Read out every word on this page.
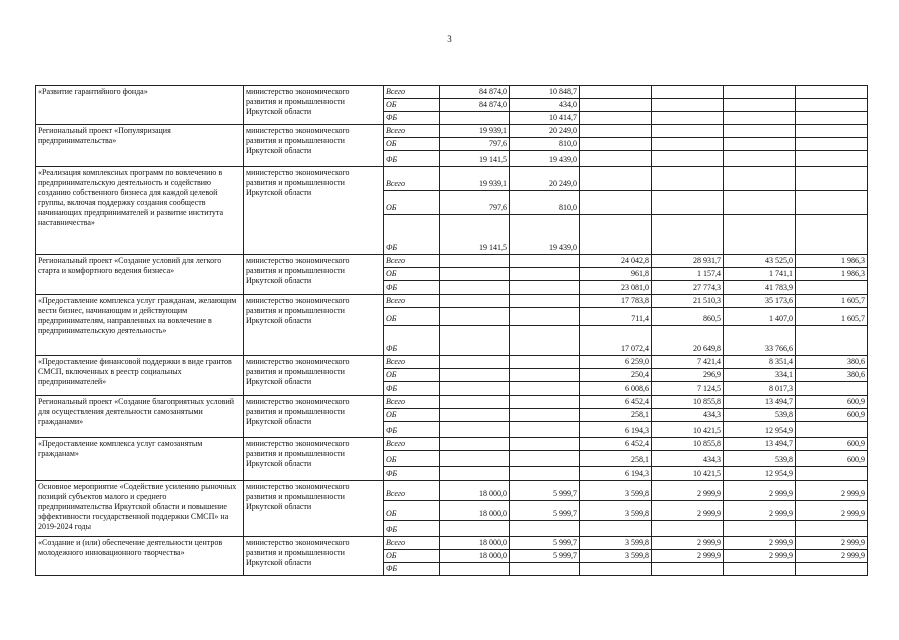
3
«Развитие гарантийного фонда»	министерство экономического развития и промышленности Иркутской области	Всего	84 874,0	10 848,7				
		ОБ	84 874,0	434,0				
		ФБ		10 414,7				
Региональный проект «Популяризация предпринимательства»	министерство экономического развития и промышленности Иркутской области	Всего	19 939,1	20 249,0				
		ОБ	797,6	810,0				
		ФБ	19 141,5	19 439,0				
«Реализация комплексных программ по вовлечению в предпринимательскую деятельность и содействию созданию собственного бизнеса для каждой целевой группы, включая поддержку создания сообществ начинающих предпринимателей и развитие института наставничества»	министерство экономического развития и промышленности Иркутской области	Всего	19 939,1	20 249,0				
		ОБ	797,6	810,0				
		ФБ	19 141,5	19 439,0				
Региональный проект «Создание условий для легкого старта и комфортного ведения бизнеса»	министерство экономического развития и промышленности Иркутской области	Всего			24 042,8	28 931,7	43 525,0	1 986,3
		ОБ			961,8	1 157,4	1 741,1	1 986,3
		ФБ			23 081,0	27 774,3	41 783,9	
«Предоставление комплекса услуг гражданам, желающим вести бизнес, начинающим и действующим предпринимателям, направленных на вовлечение в предпринимательскую деятельность»	министерство экономического развития и промышленности Иркутской области	Всего			17 783,8	21 510,3	35 173,6	1 605,7
		ОБ			711,4	860,5	1 407,0	1 605,7
		ФБ			17 072,4	20 649,8	33 766,6	
«Предоставление финансовой поддержки в виде грантов СМСП, включенных в реестр социальных предпринимателей»	министерство экономического развития и промышленности Иркутской области	Всего			6 259,0	7 421,4	8 351,4	380,6
		ОБ			250,4	296,9	334,1	380,6
		ФБ			6 008,6	7 124,5	8 017,3	
Региональный проект «Создание благоприятных условий для осуществления деятельности самозанятыми гражданами»	министерство экономического развития и промышленности Иркутской области	Всего			6 452,4	10 855,8	13 494,7	600,9
		ОБ			258,1	434,3	539,8	600,9
		ФБ			6 194,3	10 421,5	12 954,9	
«Предоставление комплекса услуг самозанятым гражданам»	министерство экономического развития и промышленности Иркутской области	Всего			6 452,4	10 855,8	13 494,7	600,9
		ОБ			258,1	434,3	539,8	600,9
		ФБ			6 194,3	10 421,5	12 954,9	
Основное мероприятие «Содействие усилению рыночных позиций субъектов малого и среднего предпринимательства Иркутской области и повышение эффективности государственной поддержки СМСП» на 2019-2024 годы	министерство экономического развития и промышленности Иркутской области	Всего	18 000,0	5 999,7	3 599,8	2 999,9	2 999,9	2 999,9
		ОБ	18 000,0	5 999,7	3 599,8	2 999,9	2 999,9	2 999,9
		ФБ						
«Создание и (или) обеспечение деятельности центров молодежного инновационного творчества»	министерство экономического развития и промышленности Иркутской области	Всего	18 000,0	5 999,7	3 599,8	2 999,9	2 999,9	2 999,9
		ОБ	18 000,0	5 999,7	3 599,8	2 999,9	2 999,9	2 999,9
		ФБ						
